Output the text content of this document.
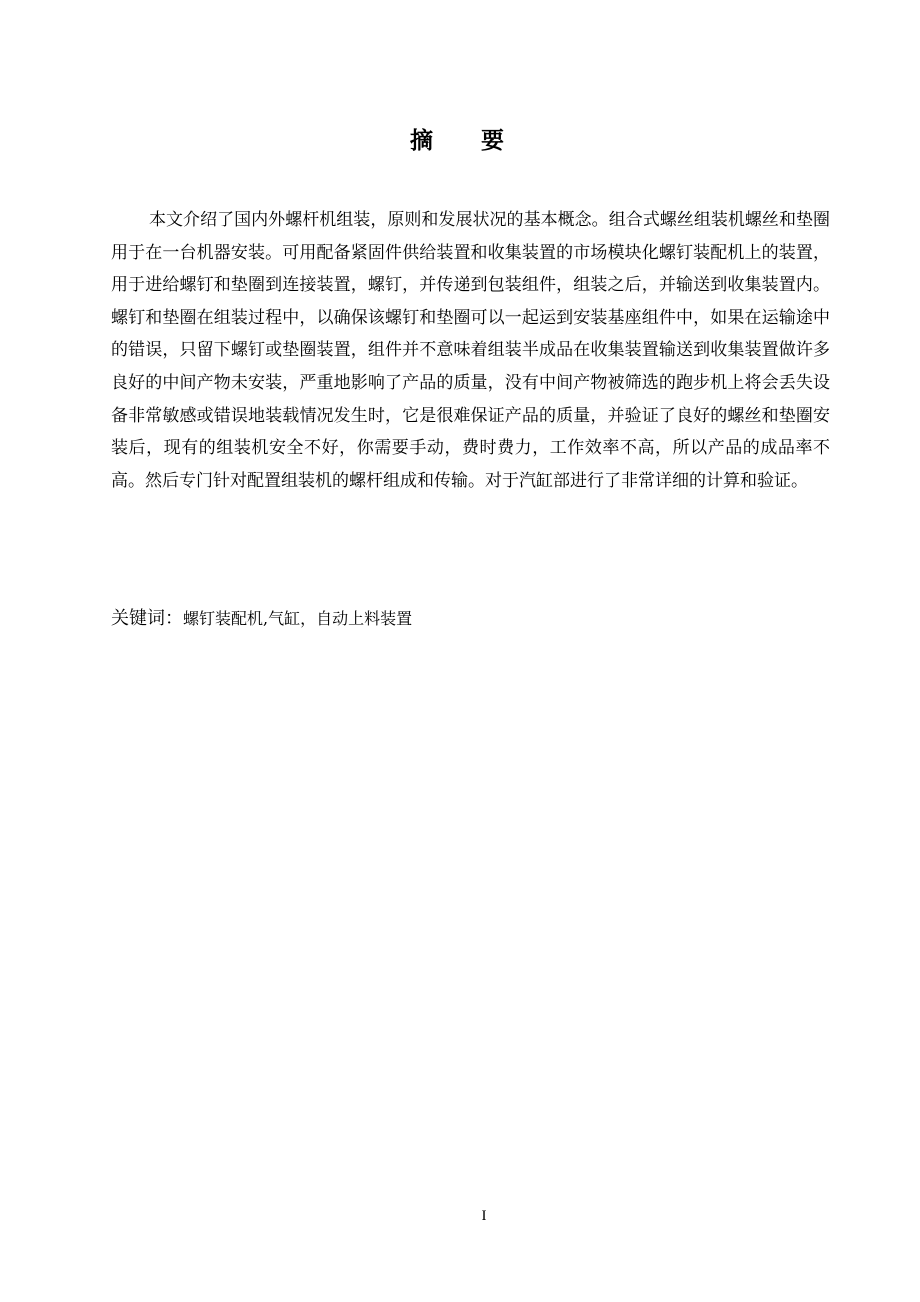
摘 要

本文介绍了国内外螺杆机组装，原则和发展状况的基本概念。组合式螺丝组装机螺丝和垫圈用于在一台机器安装。可用配备紧固件供给装置和收集装置的市场模块化螺钉装配机上的装置，用于进给螺钉和垫圈到连接装置，螺钉，并传递到包装组件，组装之后，并输送到收集装置内。螺钉和垫圈在组装过程中，以确保该螺钉和垫圈可以一起运到安装基座组件中，如果在运输途中的错误，只留下螺钉或垫圈装置，组件并不意味着组装半成品在收集装置输送到收集装置做许多良好的中间产物未安装，严重地影响了产品的质量，没有中间产物被筛选的跑步机上将会丢失设备非常敏感或错误地装载情况发生时，它是很难保证产品的质量，并验证了良好的螺丝和垫圈安装后，现有的组装机安全不好，你需要手动，费时费力，工作效率不高，所以产品的成品率不高。然后专门针对配置组装机的螺杆组成和传输。对于汽缸部进行了非常详细的计算和验证。

关键词：螺钉装配机,气缸，自动上料装置
I
